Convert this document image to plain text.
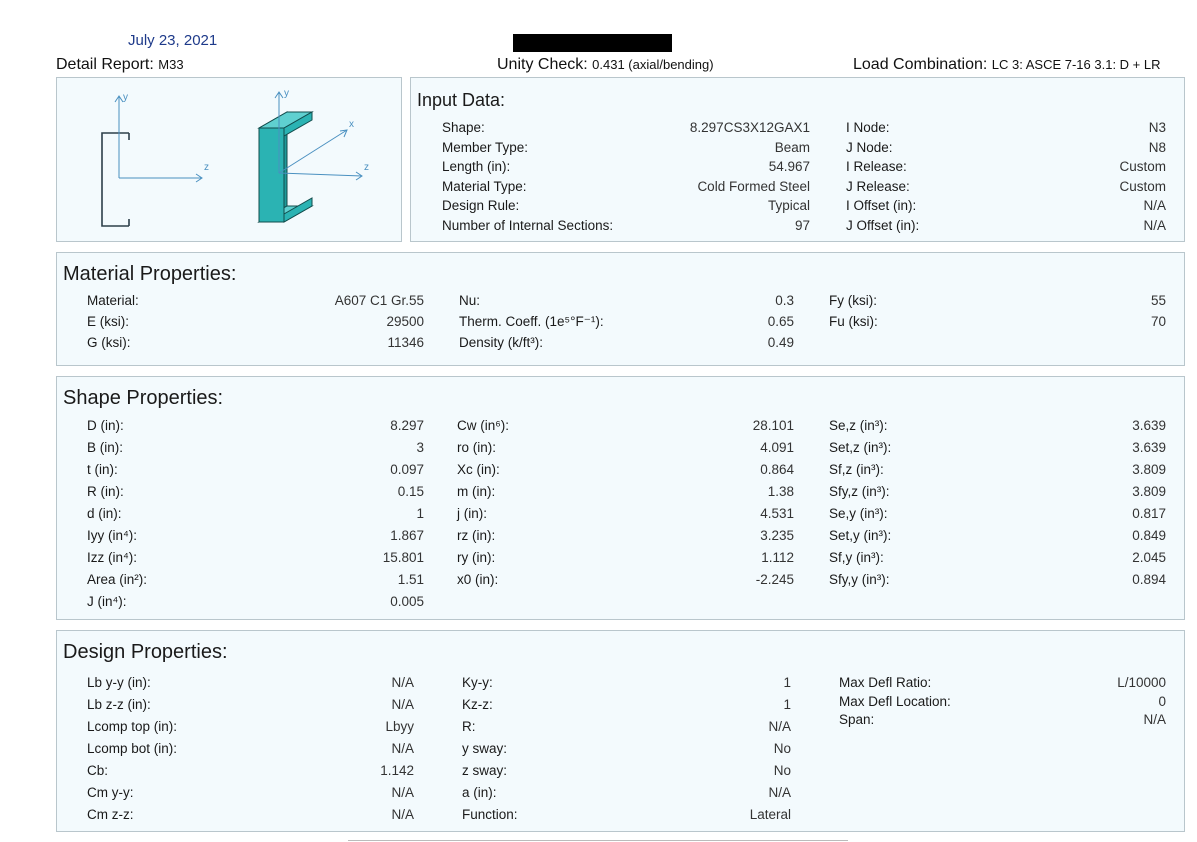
July 23, 2021
Detail Report: M33	Unity Check: 0.431 (axial/bending)	Load Combination: LC 3: ASCE 7-16 3.1: D + LR
y
z
y
z
x
Input Data:
Shape:
Member Type:
Length (in):
Material Type:
Design Rule:
Number of Internal Sections:
8.297CS3X12GAX1
Beam
54.967
Cold Formed Steel
Typical
97
I Node:
J Node:
I Release:
J Release:
I Offset (in):
J Offset (in):
N3
N8
Custom
Custom
N/A
N/A
Material Properties:
Material:
E (ksi):
G (ksi):
A607 C1 Gr.55
29500
11346
Nu:
Therm. Coeff. (1e⁵°F⁻¹):
Density (k/ft³):
0.3
0.65
0.49
Fy (ksi):
Fu (ksi):
55
70
Shape Properties:
D (in):
B (in):
t (in):
R (in):
d (in):
Iyy (in⁴):
Izz (in⁴):
Area (in²):
J (in⁴):
8.297
3
0.097
0.15
1
1.867
15.801
1.51
0.005
Cw (in⁶):
ro (in):
Xc (in):
m (in):
j (in):
rz (in):
ry (in):
x0 (in):
28.101
4.091
0.864
1.38
4.531
3.235
1.112
-2.245
Se,z (in³):
Set,z (in³):
Sf,z (in³):
Sfy,z (in³):
Se,y (in³):
Set,y (in³):
Sf,y (in³):
Sfy,y (in³):
3.639
3.639
3.809
3.809
0.817
0.849
2.045
0.894
Design Properties:
Lb y-y (in):
Lb z-z (in):
Lcomp top (in):
Lcomp bot (in):
Cb:
Cm y-y:
Cm z-z:
N/A
N/A
Lbyy
N/A
1.142
N/A
N/A
Ky-y:
Kz-z:
R:
y sway:
z sway:
a (in):
Function:
1
1
N/A
No
No
N/A
Lateral
Max Defl Ratio:
Max Defl Location:
Span:
L/10000
0
N/A
